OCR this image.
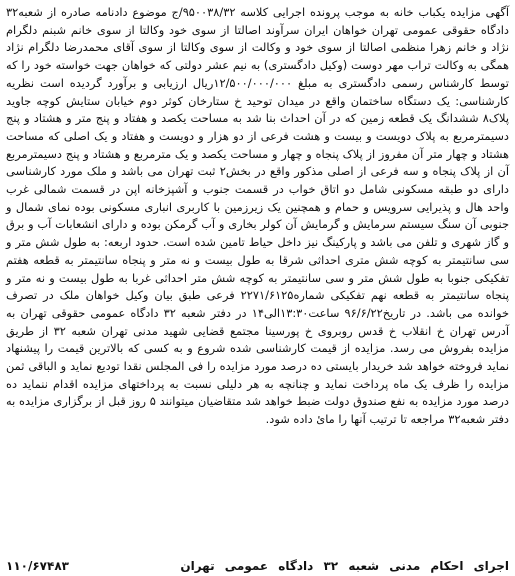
آگهی مزایده یکباب خانه به موجب پرونده اجرایی کلاسه ۹۵۰۰۳۸/۳۲/ج موضوع دادنامه صادره از شعبه۳۲ دادگاه حقوقی عمومی تهران خواهان ایران سرآوند اصالتا از سوی خود وکالتا از سوی خانم شبنم دلگرام نژاد و خانم زهرا منظمی اصالتا از سوی خود و وکالت از سوی وکالتا از سوی آقای محمدرضا دلگرام نژاد همگی به وکالت تراب مهر دوست (وکیل دادگستری) به نیم عشر دولتی که خواهان جهت خواسته خود را که توسط کارشناس رسمی دادگستری به مبلغ ۱۲/۵۰۰/۰۰۰/۰۰۰ریال ارزیابی و برآورد گردیده است نظریه کارشناسی: یک دستگاه ساختمان واقع در میدان توحید خ ستارخان کوثر دوم خیابان ستایش کوچه جاوید پلاک۸ ششدانگ یک قطعه زمین که در آن احداث بنا شد به مساحت یکصد و هفتاد و پنج متر و هشتاد و پنج دسیمترمربع به پلاک دویست و بیست و هشت فرعی از دو هزار و دویست و هفتاد و یک اصلی که مساحت هشتاد و چهار متر آن مفروز از پلاک پنجاه و چهار و مساحت یکصد و یک مترمربع و هشتاد و پنج دسیمترمربع آن از پلاک پنجاه و سه فرعی از اصلی مذکور واقع در بخش۲ ثبت تهران می باشد و ملک مورد کارشناسی دارای دو طبقه مسکونی شامل دو اتاق خواب در قسمت جنوب و آشپزخانه اپن در قسمت شمالی غرب واحد هال و پذیرایی سرویس و حمام و همچنین یک زیرزمین با کاربری انباری مسکونی بوده نمای شمال و جنوبی آن سنگ سیستم سرمایش و گرمایش آن کولر بخاری و آب گرمکن بوده و دارای انشعابات آب و برق و گاز شهری و تلفن می باشد و پارکینگ نیز داخل حیاط تامین شده است. حدود اربعه: به طول شش متر و سی سانتیمتر به کوچه شش متری احداثی شرقا به طول بیست و نه متر و پنجاه سانتیمتر به قطعه هفتم تفکیکی جنوبا به طول شش متر و سی سانتیمتر به کوچه شش متر احداثی غربا به طول بیست و نه متر و پنجاه سانتیمتر به قطعه نهم تفکیکی شماره۲۲۷۱/۶۱۲۵ فرعی طبق بیان وکیل خواهان ملک در تصرف خوانده می باشد. در تاریخ۹۶/۶/۲۲ ساعت۱۳:۳۰الی۱۴ در دفتر شعبه ۳۲ دادگاه عمومی حقوقی تهران به آدرس تهران خ انقلاب خ قدس روبروی خ پورسینا مجتمع قضایی شهید مدنی تهران شعبه ۳۲ از طریق مزایده بفروش می رسد. مزایده از قیمت کارشناسی شده شروع و به کسی که بالاترین قیمت را پیشنهاد نماید فروخته خواهد شد خریدار بایستی ده درصد مورد مزایده را فی المجلس نقدا تودیع نماید و الباقی ثمن مزایده را ظرف یک ماه پرداخت نماید و چنانچه به هر دلیلی نسبت به پرداختهای مزایده اقدام ننماید ده درصد مورد مزایده به نفع صندوق دولت ضبط خواهد شد متقاضیان میتوانند ۵ روز قبل از برگزاری مزایده به دفتر شعبه۳۲ مراجعه تا ترتیب آنها را مائ داده شود.

اجرای احکام مدنی شعبه ۳۲ دادگاه عمومی تهران
۱۱۰/۶۷۴۸۳
